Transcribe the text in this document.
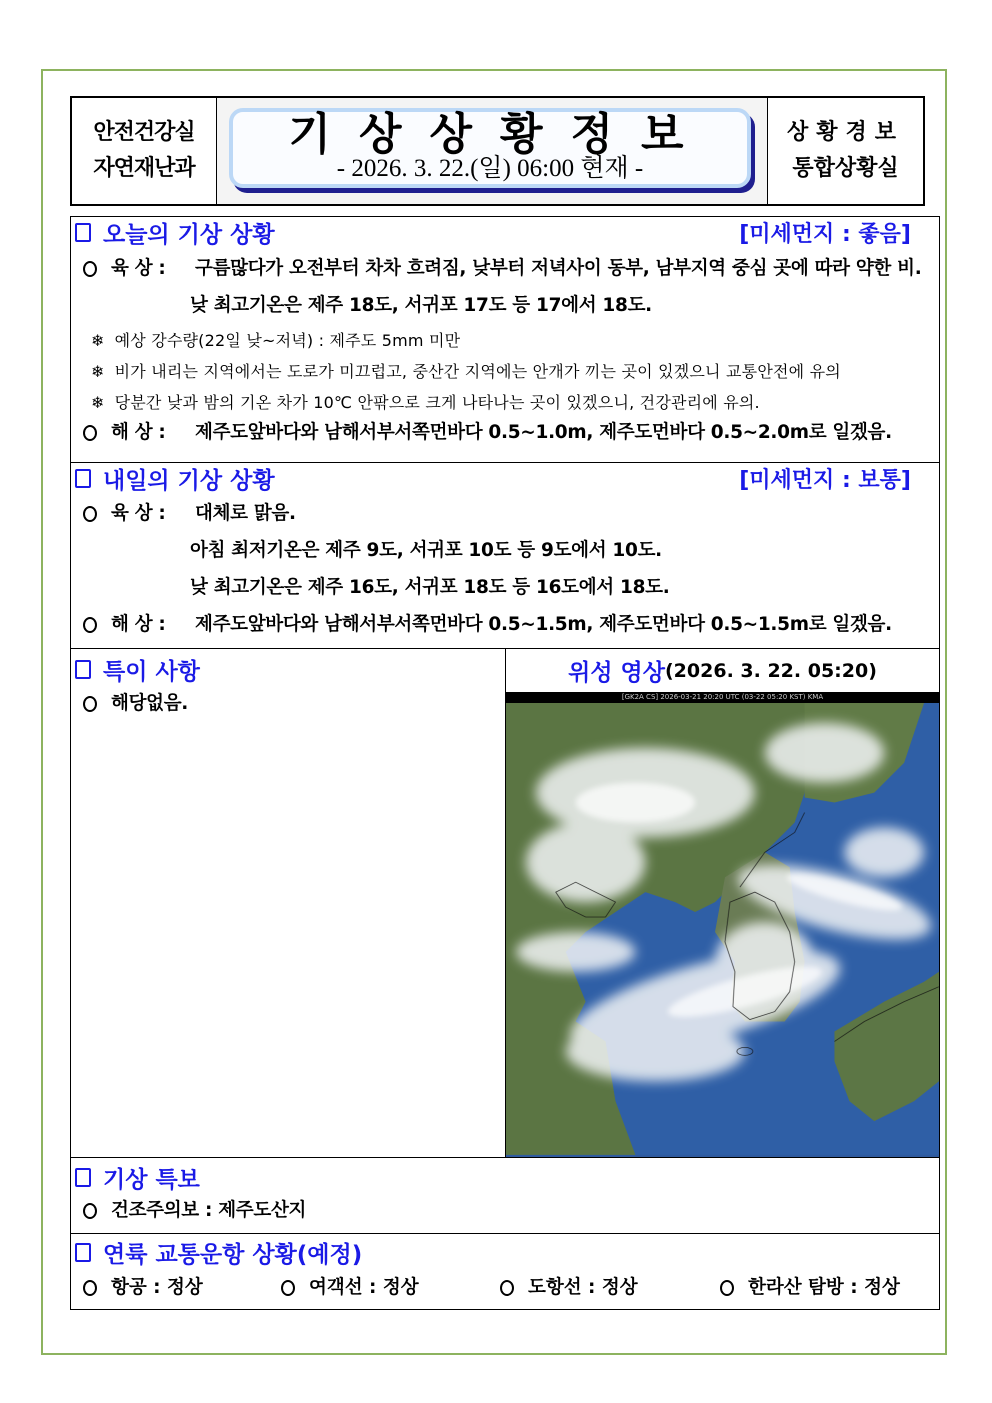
안전건강실
자연재난과
기상상황정보
- 2026. 3. 22.(일) 06:00 현재 -
상황경보
통합상황실
오늘의 기상 상황	[미세먼지 : 좋음]
육 상 :	구름많다가 오전부터 차차 흐려짐, 낮부터 저녁사이 동부, 남부지역 중심 곳에 따라 약한 비.
낮 최고기온은 제주 18도, 서귀포 17도 등 17에서 18도.
❄ 예상 강수량(22일 낮~저녁) : 제주도 5mm 미만
❄ 비가 내리는 지역에서는 도로가 미끄럽고, 중산간 지역에는 안개가 끼는 곳이 있겠으니 교통안전에 유의
❄ 당분간 낮과 밤의 기온 차가 10℃ 안팎으로 크게 나타나는 곳이 있겠으니, 건강관리에 유의.
해 상 :	제주도앞바다와 남해서부서쪽먼바다 0.5~1.0m, 제주도먼바다 0.5~2.0m로 일겠음.
내일의 기상 상황	[미세먼지 : 보통]
육 상 :	대체로 맑음.
아침 최저기온은 제주 9도, 서귀포 10도 등 9도에서 10도.
낮 최고기온은 제주 16도, 서귀포 18도 등 16도에서 18도.
해 상 :	제주도앞바다와 남해서부서쪽먼바다 0.5~1.5m, 제주도먼바다 0.5~1.5m로 일겠음.
특이 사항
해당없음.
위성 영상 (2026. 3. 22. 05:20)
[GK2A CS] 2026-03-21 20:20 UTC (03-22 05:20 KST) KMA
기상 특보
건조주의보 : 제주도산지
연륙 교통운항 상황(예정)
항공 : 정상	여객선 : 정상	도항선 : 정상	한라산 탐방 : 정상
